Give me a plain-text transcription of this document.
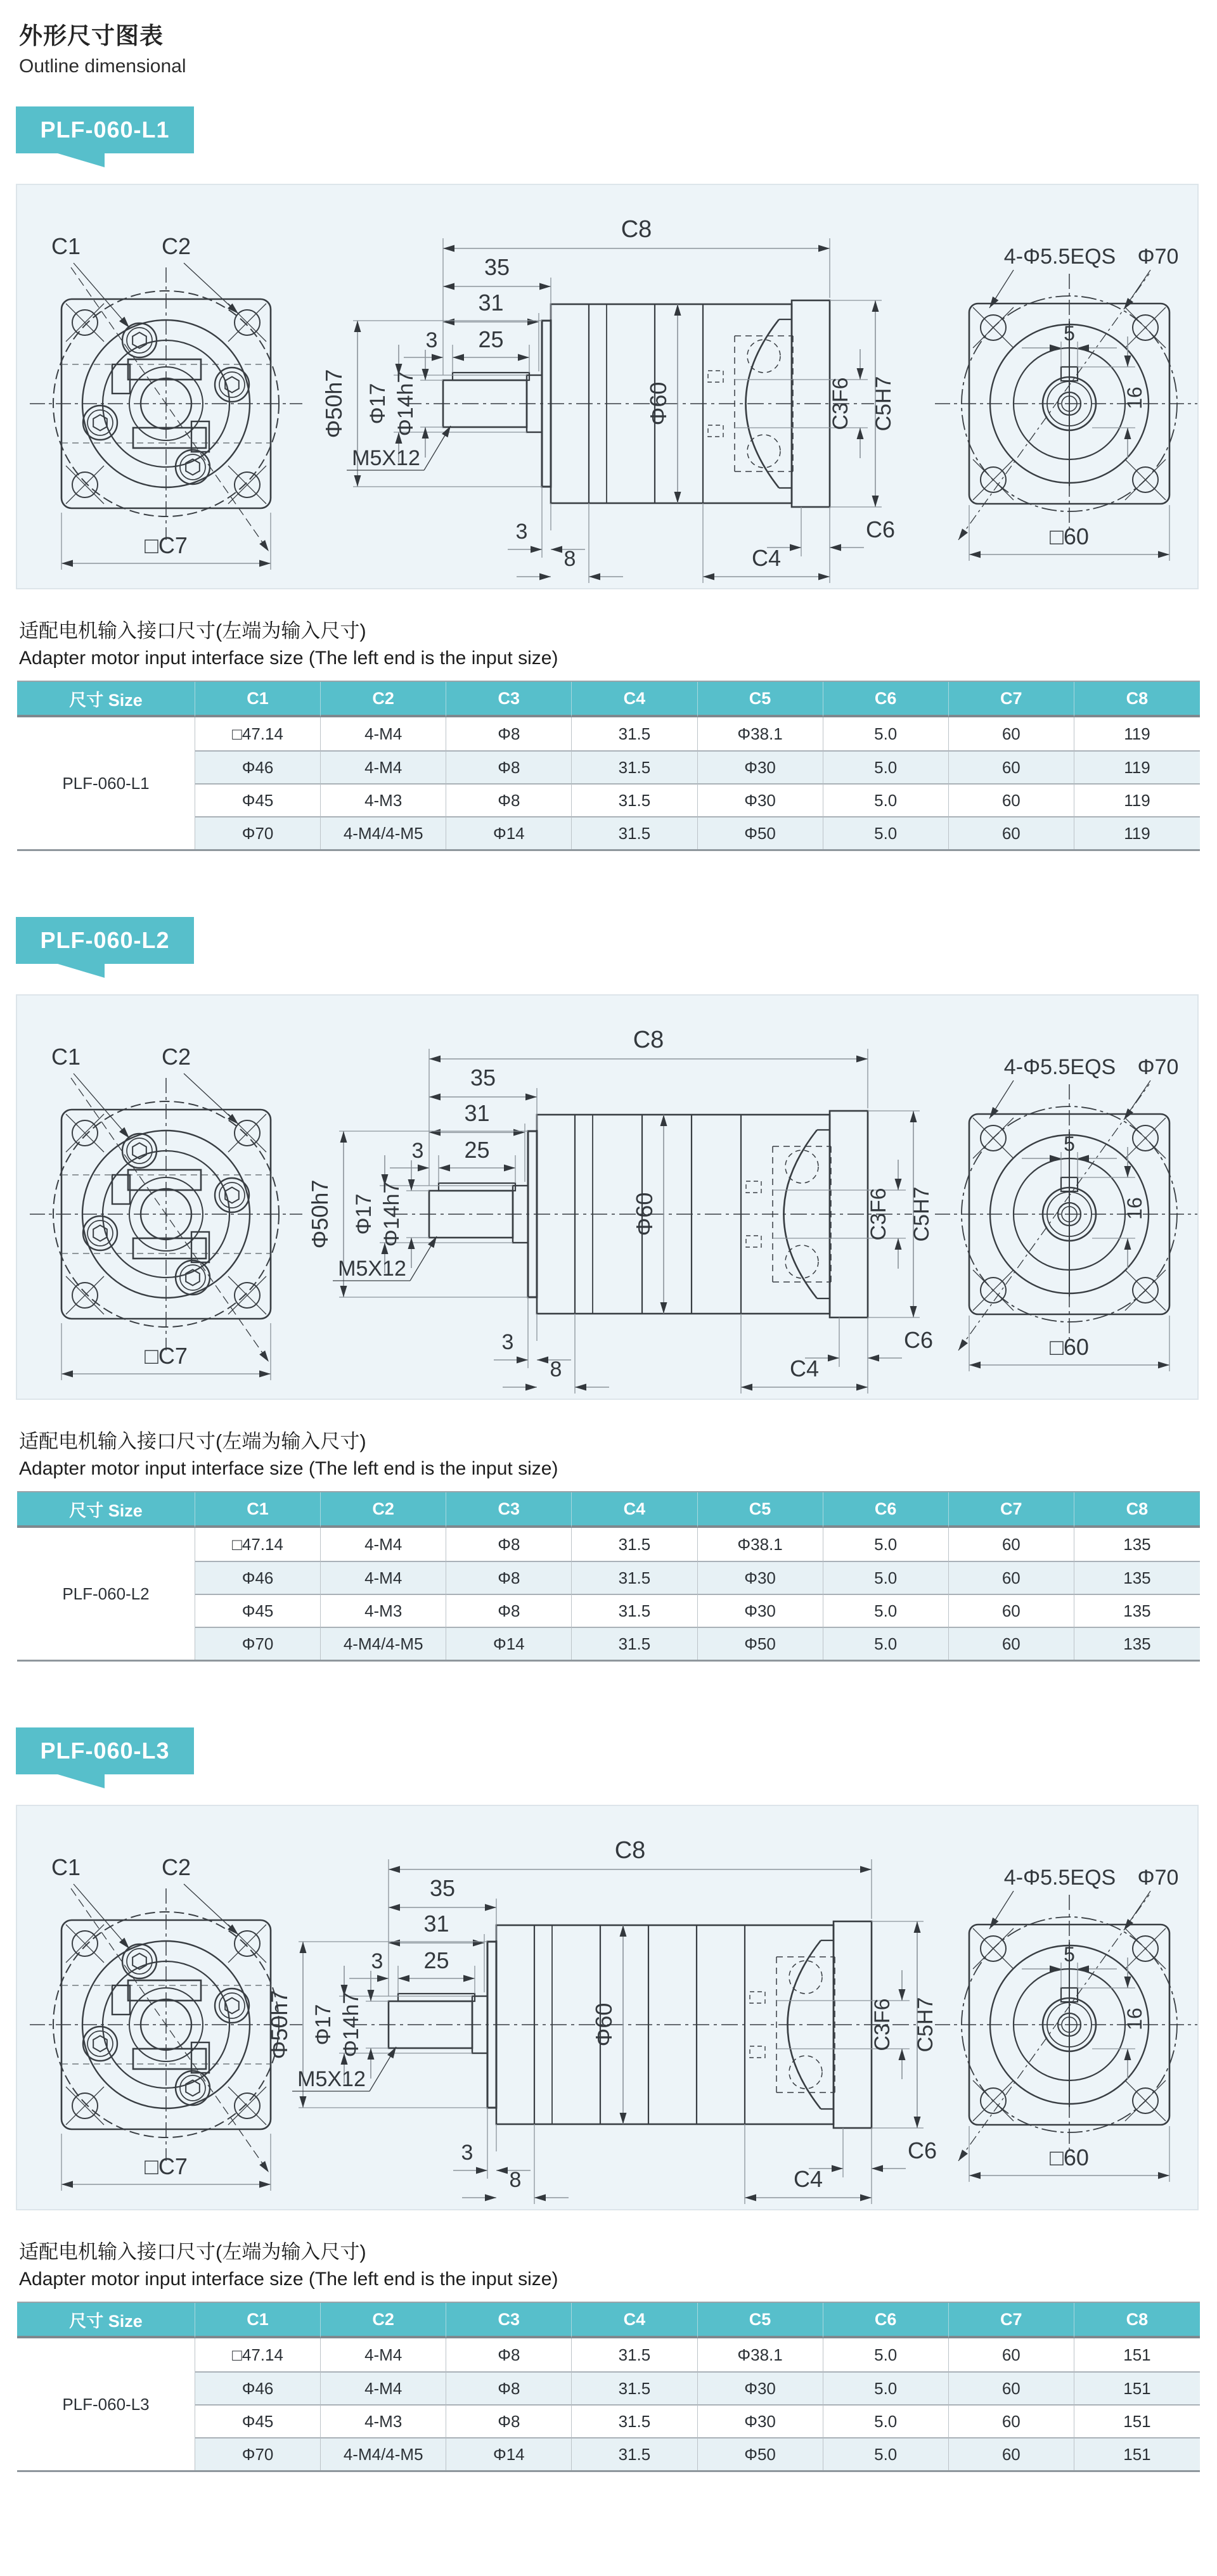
外形尺寸图表
Outline dimensional
PLF-060-L1
C1	C2
□C7
C8
35
31
3 25
Φ60
Φ50h7 Φ17 Φ14h7
M5X12
3
8	C4
C6
C3F6 C5H7
5
16
4-Φ5.5EQS Φ70
□60
适配电机输入接口尺寸(左端为输入尺寸)
Adapter motor input interface size (The left end is the input size)
尺寸 Size	C1	C2	C3	C4	C5	C6	C7	C8
PLF-060-L1
□47.14	4-M4	Φ8	31.5	Φ38.1	5.0	60	119
Φ46	4-M4	Φ8	31.5	Φ30	5.0	60	119
Φ45	4-M3	Φ8	31.5	Φ30	5.0	60	119
Φ70	4-M4/4-M5	Φ14	31.5	Φ50	5.0	60	119
PLF-060-L2
C1	C2
□C7
C8
35
31
3 25
Φ60
Φ50h7 Φ17 Φ14h7
M5X12
3
8	C4
C6
C3F6 C5H7
5
16
4-Φ5.5EQS Φ70
□60
适配电机输入接口尺寸(左端为输入尺寸)
Adapter motor input interface size (The left end is the input size)
尺寸 Size	C1	C2	C3	C4	C5	C6	C7	C8
PLF-060-L2
□47.14	4-M4	Φ8	31.5	Φ38.1	5.0	60	135
Φ46	4-M4	Φ8	31.5	Φ30	5.0	60	135
Φ45	4-M3	Φ8	31.5	Φ30	5.0	60	135
Φ70	4-M4/4-M5	Φ14	31.5	Φ50	5.0	60	135
PLF-060-L3
C1	C2
□C7
C8
35
31
3 25
Φ60
Φ50h7 Φ17 Φ14h7
M5X12
3
8	C4
C6
C3F6 C5H7
5
16
4-Φ5.5EQS Φ70
□60
适配电机输入接口尺寸(左端为输入尺寸)
Adapter motor input interface size (The left end is the input size)
尺寸 Size	C1	C2	C3	C4	C5	C6	C7	C8
PLF-060-L3
□47.14	4-M4	Φ8	31.5	Φ38.1	5.0	60	151
Φ46	4-M4	Φ8	31.5	Φ30	5.0	60	151
Φ45	4-M3	Φ8	31.5	Φ30	5.0	60	151
Φ70	4-M4/4-M5	Φ14	31.5	Φ50	5.0	60	151
